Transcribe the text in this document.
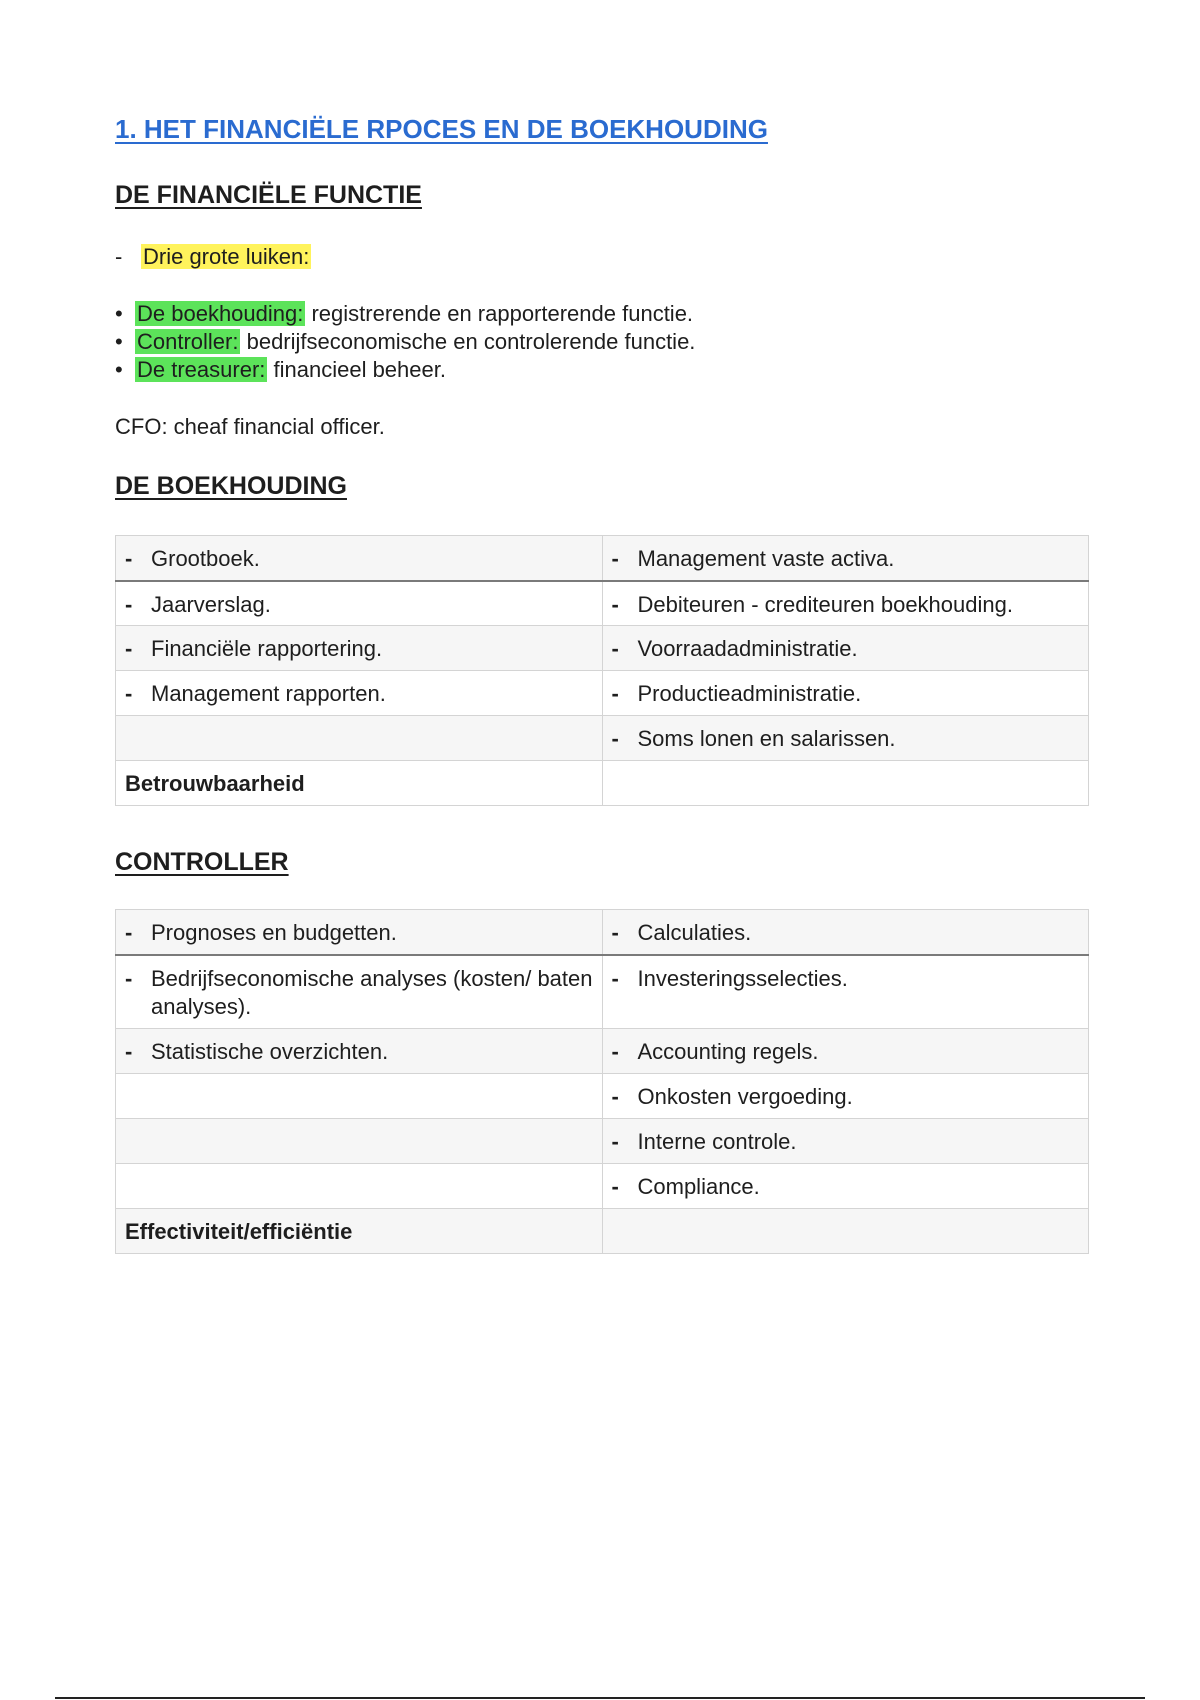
1. HET FINANCIËLE RPOCES EN DE BOEKHOUDING
DE FINANCIËLE FUNCTIE
- Drie grote luiken:
• De boekhouding: registrerende en rapporterende functie.
• Controller: bedrijfseconomische en controlerende functie.
• De treasurer: financieel beheer.
CFO: cheaf financial officer.
DE BOEKHOUDING
- Grootboek.	- Management vaste activa.

- Jaarverslag.	- Debiteuren - crediteuren boekhouding.

- Financiële rapportering.	- Voorraadadministratie.

- Management rapporten.	- Productieadministratie.

	- Soms lonen en salarissen.

Betrouwbaarheid	

CONTROLLER
- Prognoses en budgetten.	- Calculaties.

- Bedrijfseconomische analyses (kosten/ baten analyses).	- Investeringsselecties.

- Statistische overzichten.	- Accounting regels.

	- Onkosten vergoeding.

	- Interne controle.

	- Compliance.

Effectiviteit/efficiëntie	
